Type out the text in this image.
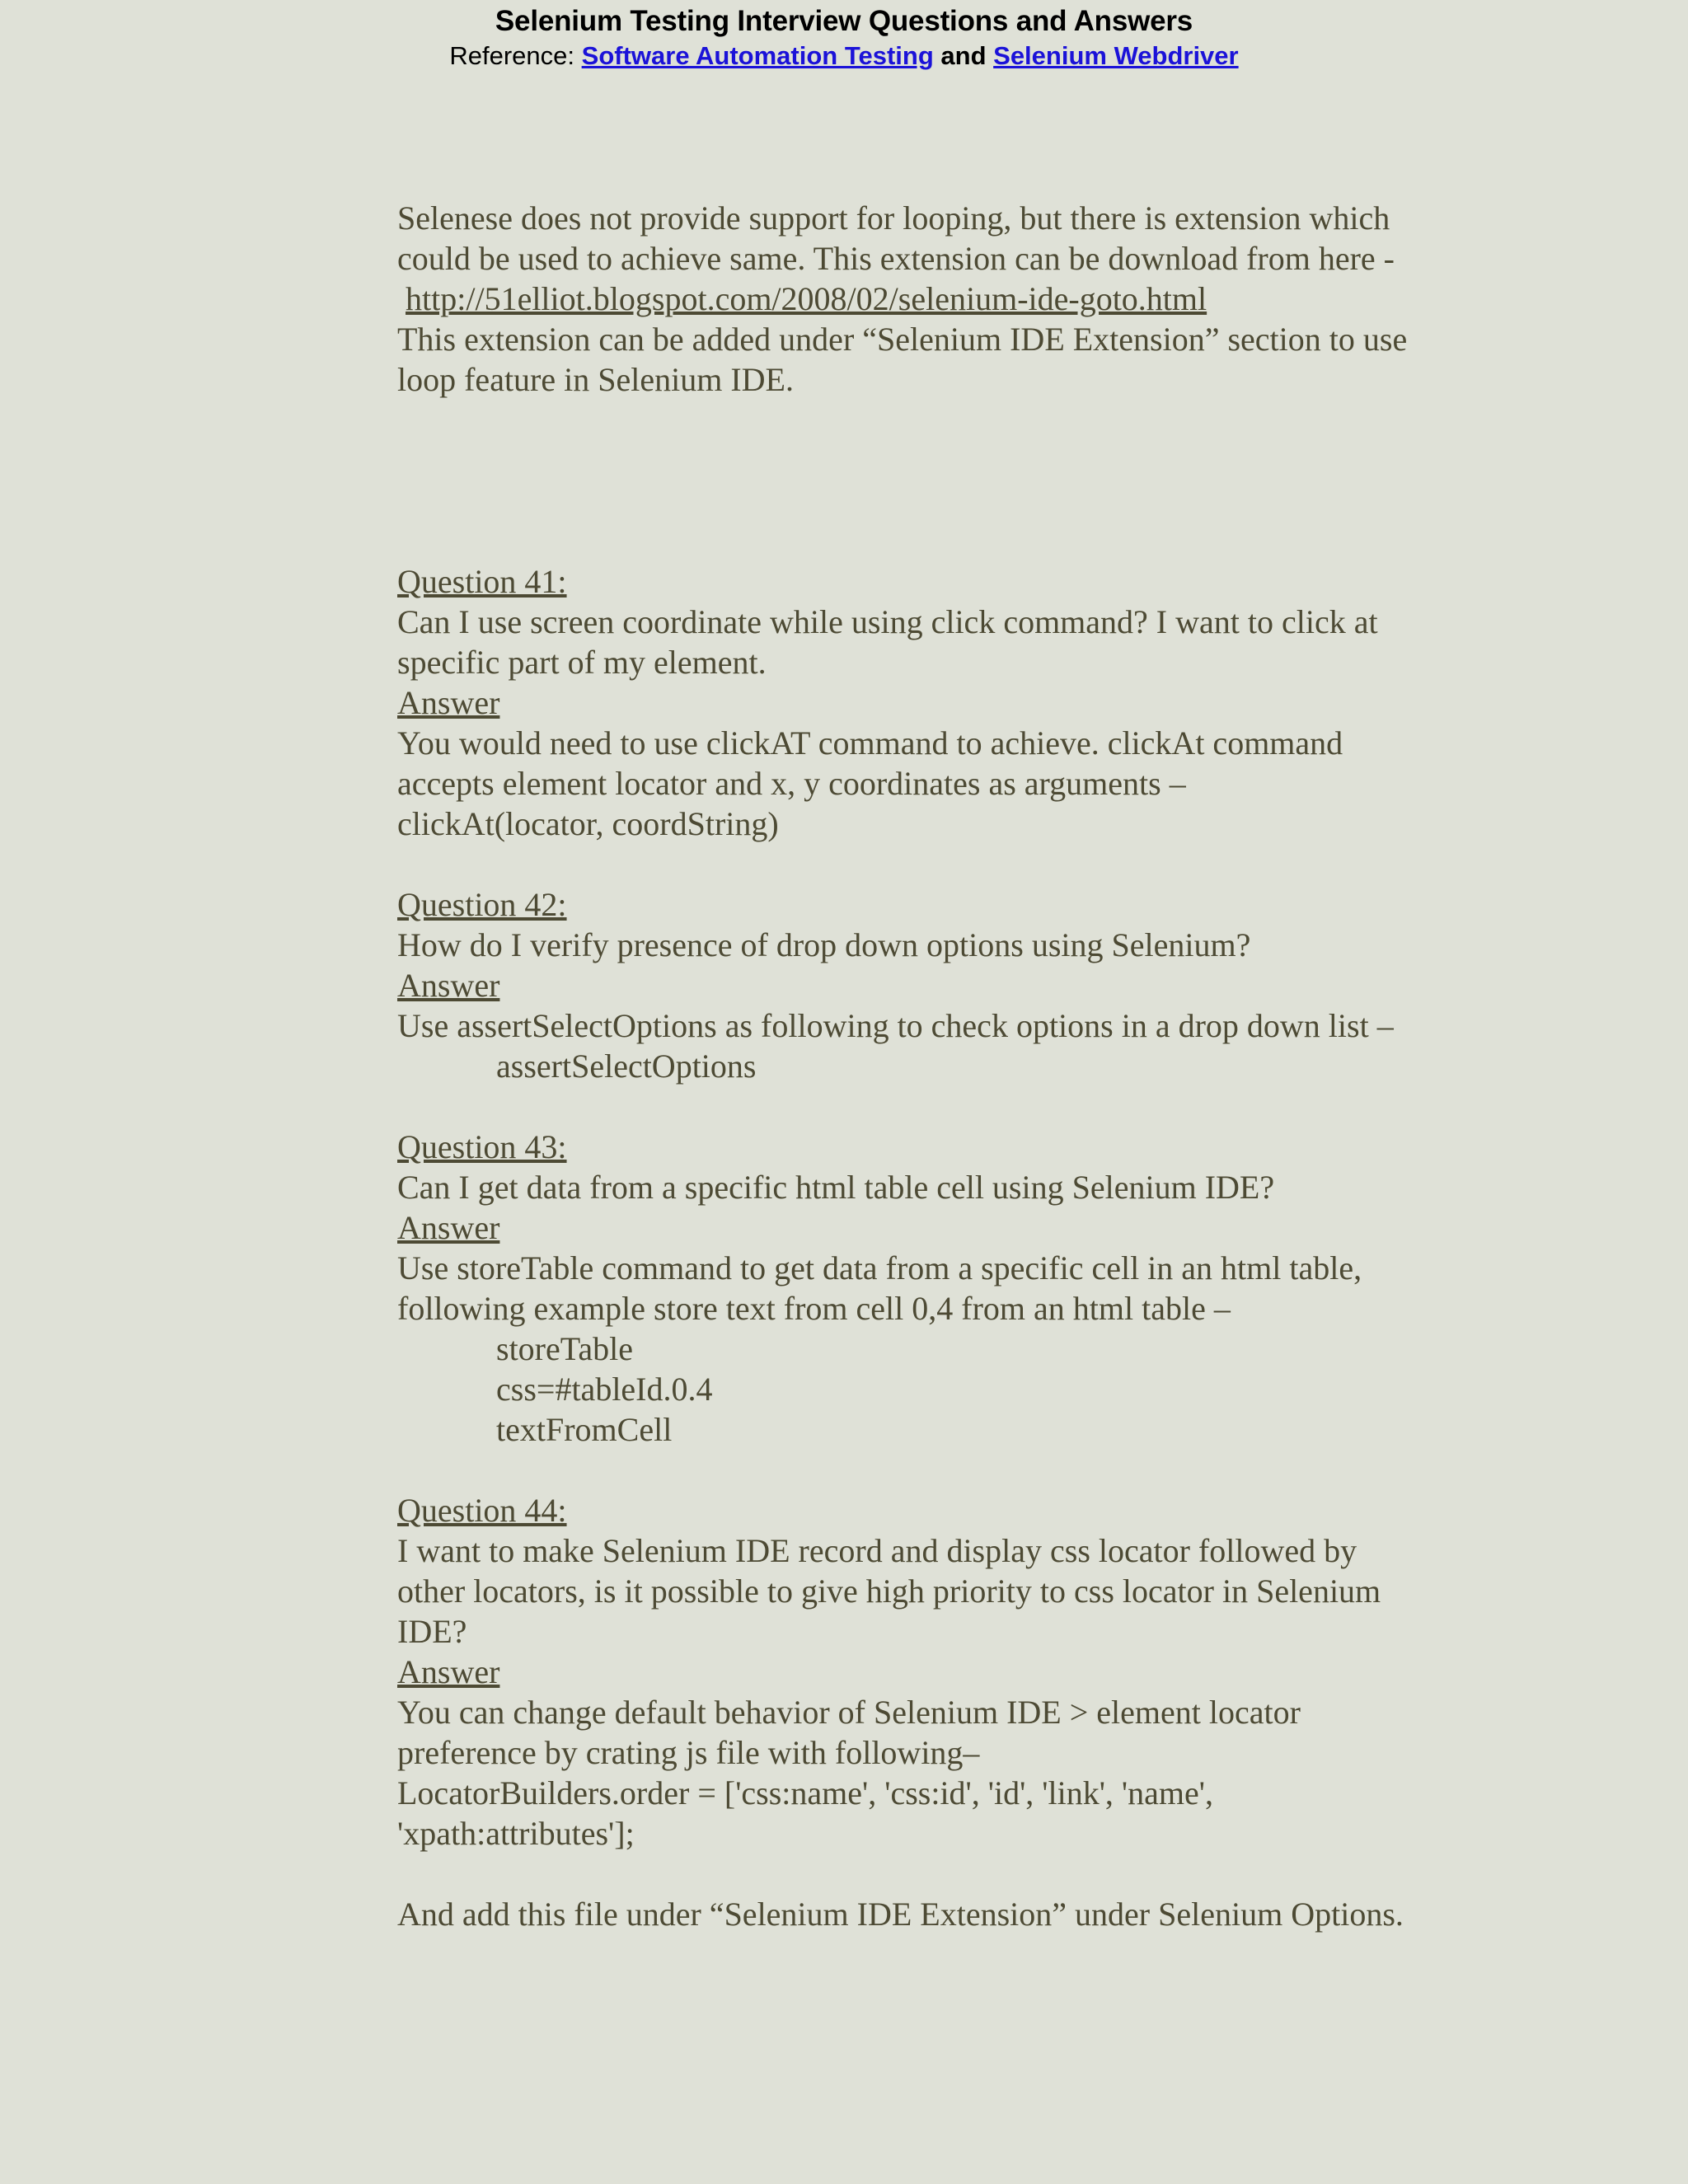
Selenium Testing Interview Questions and Answers
Reference: Software Automation Testing and Selenium Webdriver

Selenese does not provide support for looping, but there is extension which

could be used to achieve same. This extension can be download from here -

http://51elliot.blogspot.com/2008/02/selenium-ide-goto.html

This extension can be added under “Selenium IDE Extension” section to use

loop feature in Selenium IDE.

Question 41:

Can I use screen coordinate while using click command? I want to click at

specific part of my element.

Answer

You would need to use clickAT command to achieve. clickAt command

accepts element locator and x, y coordinates as arguments –

clickAt(locator, coordString)

Question 42:

How do I verify presence of drop down options using Selenium?

Answer

Use assertSelectOptions as following to check options in a drop down list –

assertSelectOptions

Question 43:

Can I get data from a specific html table cell using Selenium IDE?

Answer

Use storeTable command to get data from a specific cell in an html table,

following example store text from cell 0,4 from an html table –

storeTable

css=#tableId.0.4

textFromCell

Question 44:

I want to make Selenium IDE record and display css locator followed by

other locators, is it possible to give high priority to css locator in Selenium

IDE?

Answer

You can change default behavior of Selenium IDE > element locator

preference by crating js file with following–

LocatorBuilders.order = ['css:name', 'css:id', 'id', 'link', 'name',

'xpath:attributes'];

And add this file under “Selenium IDE Extension” under Selenium Options.
